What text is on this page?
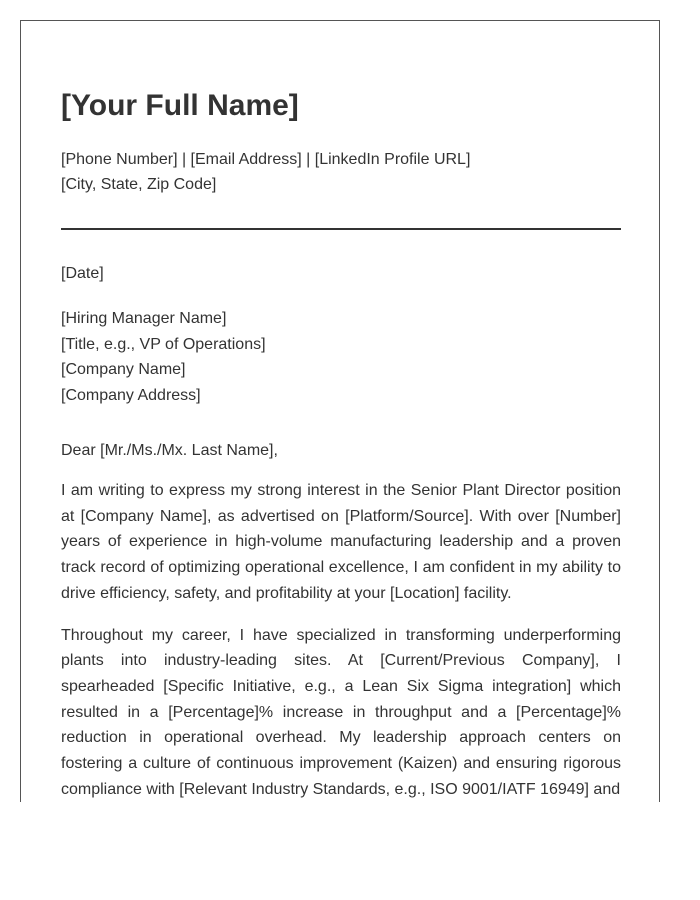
[Your Full Name]
[Phone Number] | [Email Address] | [LinkedIn Profile URL]
[City, State, Zip Code]
[Date]
[Hiring Manager Name]
[Title, e.g., VP of Operations]
[Company Name]
[Company Address]
Dear [Mr./Ms./Mx. Last Name],

I am writing to express my strong interest in the Senior Plant Director position at [Company Name], as advertised on [Platform/Source]. With over [Number] years of experience in high-volume manufacturing leadership and a proven track record of optimizing operational excellence, I am confident in my ability to drive efficiency, safety, and profitability at your [Location] facility.

Throughout my career, I have specialized in transforming underperforming plants into industry-leading sites. At [Current/Previous Company], I spearheaded [Specific Initiative, e.g., a Lean Six Sigma integration] which resulted in a [Percentage]% increase in throughput and a [Percentage]% reduction in operational overhead. My leadership approach centers on fostering a culture of continuous improvement (Kaizen) and ensuring rigorous compliance with [Relevant Industry Standards, e.g., ISO 9001/IATF 16949] and
